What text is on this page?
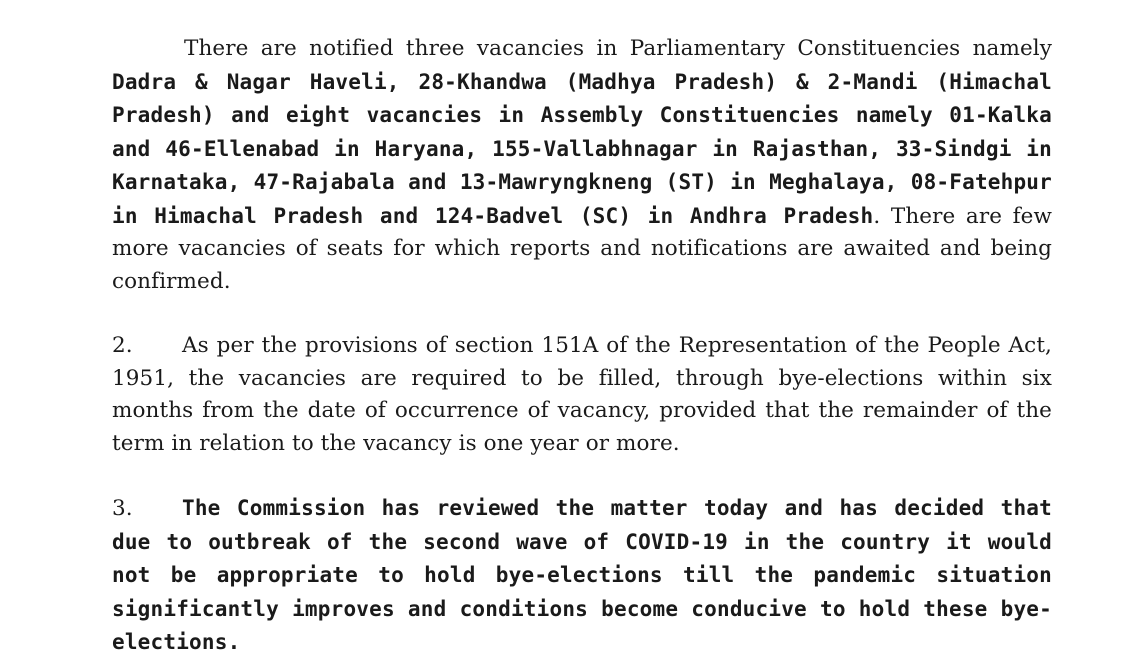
There are notified three vacancies in Parliamentary Constituencies namely Dadra & Nagar Haveli, 28-Khandwa (Madhya Pradesh) & 2-Mandi (Himachal Pradesh) and eight vacancies in Assembly Constituencies namely 01-Kalka and 46-Ellenabad in Haryana, 155-Vallabhnagar in Rajasthan, 33-Sindgi in Karnataka, 47-Rajabala and 13-Mawryngkneng (ST) in Meghalaya, 08-Fatehpur in Himachal Pradesh and 124-Badvel (SC) in Andhra Pradesh. There are few more vacancies of seats for which reports and notifications are awaited and being confirmed.

2. As per the provisions of section 151A of the Representation of the People Act, 1951, the vacancies are required to be filled, through bye-elections within six months from the date of occurrence of vacancy, provided that the remainder of the term in relation to the vacancy is one year or more.

3. The Commission has reviewed the matter today and has decided that due to outbreak of the second wave of COVID-19 in the country it would not be appropriate to hold bye-elections till the pandemic situation significantly improves and conditions become conducive to hold these bye-elections.
